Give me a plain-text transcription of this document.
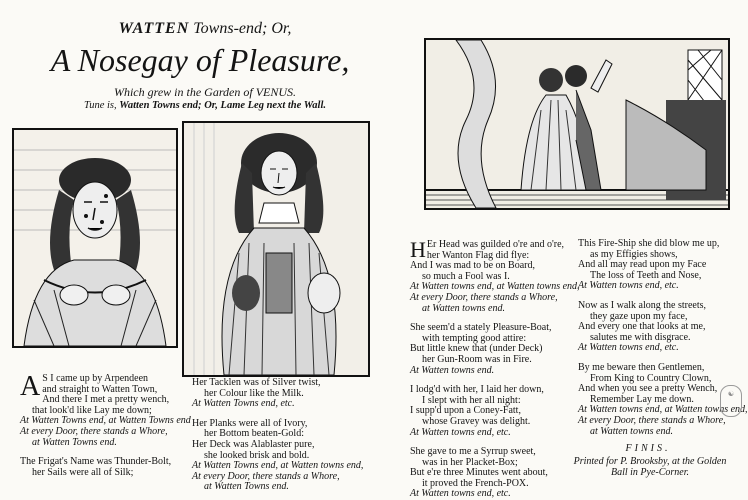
WATTEN Towns-end; Or,
A Nosegay of Pleasure,
Which grew in the Garden of VENUS.
Tune is, Watten Towns end; Or, Lame Leg next the Wall.
A S I came up by Arpendeen
and straight to Watten Town,
And there I met a pretty wench,
that look'd like Lay me down;
At Watten Towns end, at Watten Towns end
At every Door, there stands a Whore,
at Watten Towns end.
The Frigat's Name was Thunder-Bolt,
her Sails were all of Silk;
Her Tacklen was of Silver twist,
her Colour like the Milk.
At Watten Towns end, etc.
Her Planks were all of Ivory,
her Bottom beaten-Gold:
Her Deck was Alablaster pure,
she looked brisk and bold.
At Watten Towns end, at Watten towns end,
At every Door, there stands a Whore,
at Watten Towns end.
H Er Head was guilded o're and o're,
her Wanton Flag did flye:
And I was mad to be on Board,
so much a Fool was I.
At Watten towns end, at Watten towns end,
At every Door, there stands a Whore,
at Watten towns end.
She seem'd a stately Pleasure-Boat,
with tempting good attire:
But little knew that (under Deck)
her Gun-Room was in Fire.
At Watten towns end.
I lodg'd with her, I laid her down,
I slept with her all night:
I supp'd upon a Coney-Fatt,
whose Gravey was delight.
At Watten towns end, etc.
She gave to me a Syrrup sweet,
was in her Placket-Box;
But e're three Minutes went about,
it proved the French-POX.
At Watten towns end, etc.
This Fire-Ship she did blow me up,
as my Effigies shows,
And all may read upon my Face
The loss of Teeth and Nose,
At Watten towns end, etc.
Now as I walk along the streets,
they gaze upon my face,
And every one that looks at me,
salutes me with disgrace.
At Watten towns end, etc.
By me beware then Gentlemen,
From King to Country Clown,
And when you see a pretty Wench,
Remember Lay me down.
At Watten towns end, at Watten towns end,
At every Door, there stands a Whore,
at Watten towns end.
FINIS.
Printed for P. Brooksby, at the Golden
Ball in Pye-Corner.
☯
